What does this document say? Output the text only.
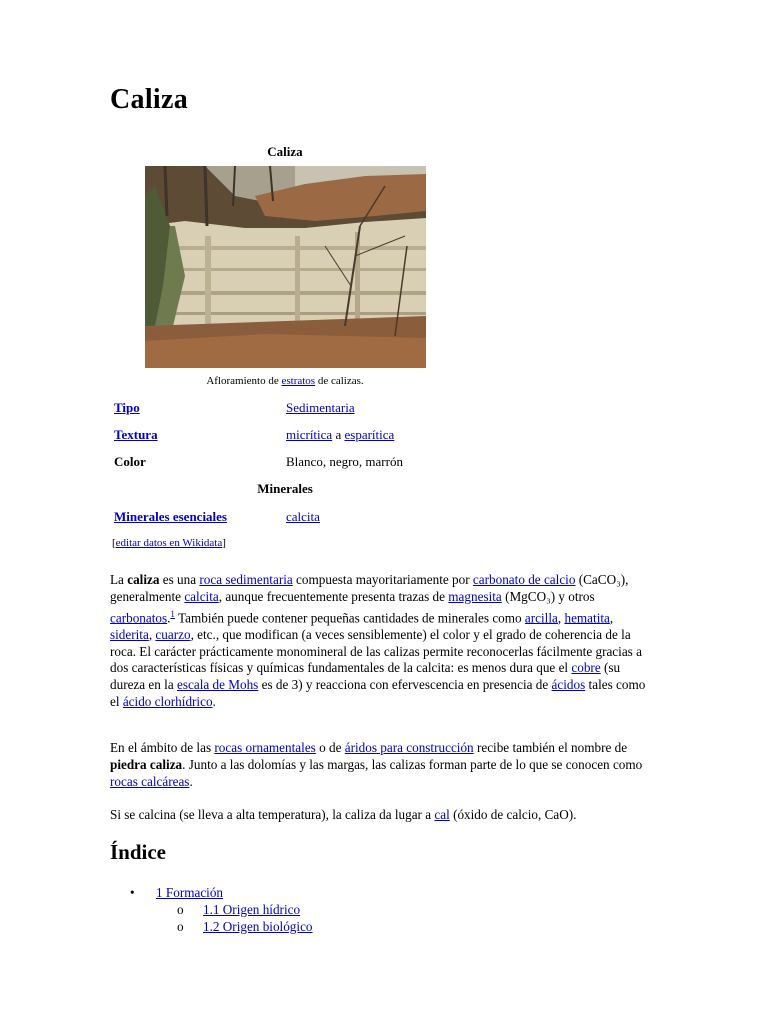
Caliza
Caliza
Afloramiento de estratos de calizas.
Tipo	Sedimentaria
Textura	micrítica a esparítica
Color	Blanco, negro, marrón
Minerales
Minerales esenciales	calcita
[editar datos en Wikidata]

La caliza es una roca sedimentaria compuesta mayoritariamente por carbonato de calcio (CaCO₃), generalmente calcita, aunque frecuentemente presenta trazas de magnesita (MgCO₃) y otros carbonatos.$^1$ También puede contener pequeñas cantidades de minerales como arcilla, hematita, siderita, cuarzo, etc., que modifican (a veces sensiblemente) el color y el grado de coherencia de la roca. El carácter prácticamente monomineral de las calizas permite reconocerlas fácilmente gracias a dos características físicas y químicas fundamentales de la calcita: es menos dura que el cobre (su dureza en la escala de Mohs es de 3) y reacciona con efervescencia en presencia de ácidos tales como el ácido clorhídrico.

En el ámbito de las rocas ornamentales o de áridos para construcción recibe también el nombre de piedra caliza. Junto a las dolomías y las margas, las calizas forman parte de lo que se conocen como rocas calcáreas.

Si se calcina (se lleva a alta temperatura), la caliza da lugar a cal (óxido de calcio, CaO).

Índice
• 1 Formación
o 1.1 Origen hídrico
o 1.2 Origen biológico
